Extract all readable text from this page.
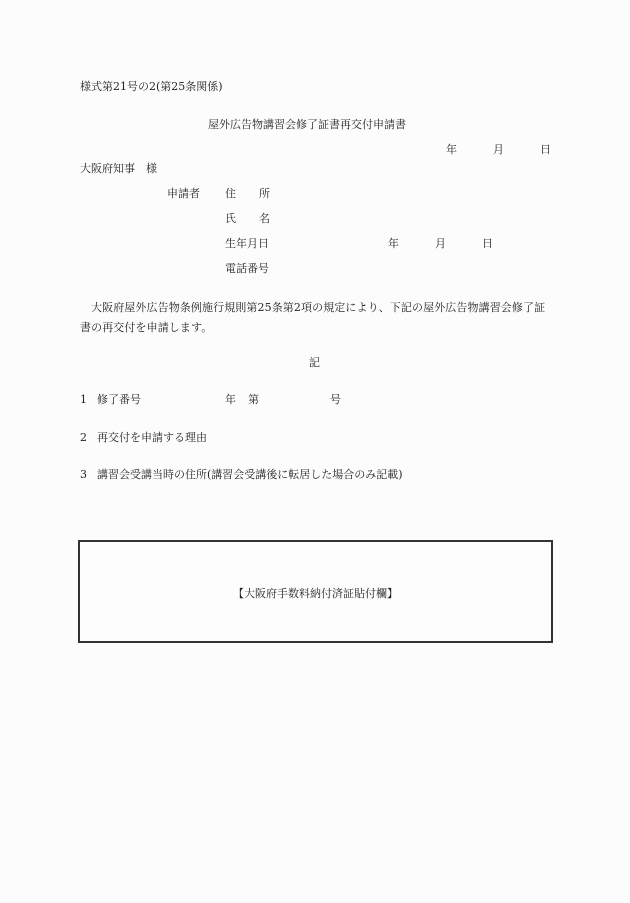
様式第21号の2(第25条関係)
屋外広告物講習会修了証書再交付申請書
年	月	日
大阪府知事　様
申請者 住 所
氏 名
生年月日	年	月	日
電話番号
大阪府屋外広告物条例施行規則第25条第2項の規定により、下記の屋外広告物講習会修了証書の再交付を申請します。
記
1 修了番号	年 第	号
2 再交付を申請する理由
3 講習会受講当時の住所(講習会受講後に転居した場合のみ記載)
【大阪府手数料納付済証貼付欄】
